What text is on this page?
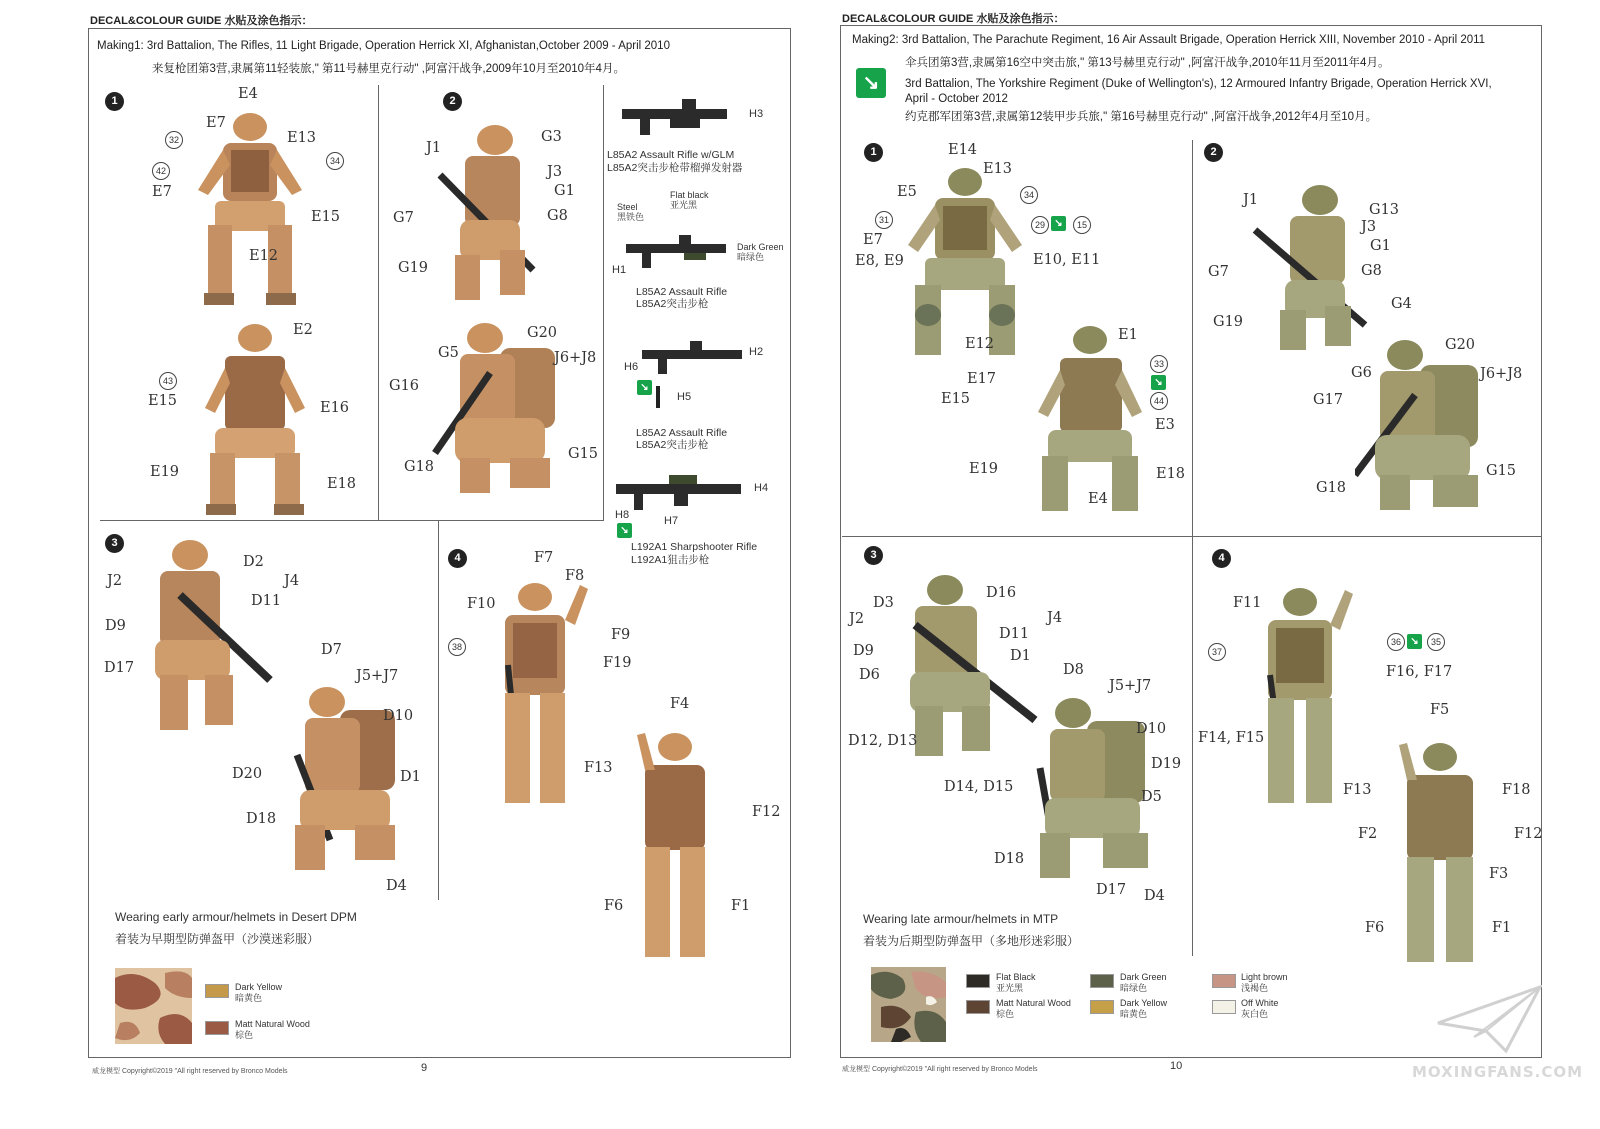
DECAL&COLOUR GUIDE 水贴及涂色指示：
Making1: 3rd Battalion, The Rifles, 11 Light Brigade, Operation Herrick XI, Afghanistan,October 2009 - April 2010
来复枪团第3营,隶属第11轻装旅," 第11号赫里克行动" ,阿富汗战争,2009年10月至2010年4月。
1	2
3
4
E4
E7
E13
E7
E15
E12
32
42
34
E2
E15	E16
E19
E18
43
J1
G3
J3
G1
G7	G8
G19
G5
G20
J6+J8
G16
G18
G15
H3
L85A2 Assault Rifle w/GLM
L85A2突击步枪带榴弹发射器
Steel
黑铁色
Flat black
亚光黑
Dark Green
暗绿色
H1
L85A2 Assault Rifle
L85A2突击步枪
H2
H6
↘
H5
L85A2 Assault Rifle
L85A2突击步枪
H4
H8
↘
H7
L192A1 Sharpshooter Rifle
L192A1狙击步枪
D2
J2	J4
D11
D9
D17
D7
J5+J7
D10
D20	D1
D18
D4
F7
F8
F10
F9
F19
38
F4
F13
F12
F6	F1
Wearing early armour/helmets in Desert DPM
着装为早期型防弹盔甲（沙漠迷彩服）
Dark Yellow
暗黄色
Matt Natural Wood
棕色
威龙模型 Copyright©2019 "All right reserved by Bronco Models	9
DECAL&COLOUR GUIDE 水贴及涂色指示：
Making2: 3rd Battalion, The Parachute Regiment, 16 Air Assault Brigade, Operation Herrick XIII, November 2010 - April 2011
伞兵团第3营,隶属第16空中突击旅," 第13号赫里克行动" ,阿富汗战争,2010年11月至2011年4月。
↘	3rd Battalion, The Yorkshire Regiment (Duke of Wellington's), 12 Armoured Infantry Brigade, Operation Herrick XVI,
April - October 2012
约克郡军团第3营,隶属第12装甲步兵旅," 第16号赫里克行动" ,阿富汗战争,2012年4月至10月。
1	2
3	4
E14
E13
E5	34
31	29 ↘	15
E7
E8, E9	E10, E11
E12
E1
33
↘
44
E17
E15
E3
E19	E18
E4
J1
G13
J3
G1
G7	G8
G19
G4
G20
G6	J6+J8
G17
G18
G15
D3
D16
J2	J4
D11
D9	D1
D6
D12, D13
D8
J5+J7
D10
D19
D14, D15
D5
D18
D17 D4
F11
37
36 ↘	35
F16, F17
F14, F15
F5
F13	F18
F2	F12
F3
F6	F1
Wearing late armour/helmets in MTP
着装为后期型防弹盔甲（多地形迷彩服）
Flat Black
亚光黑
Dark Green
暗绿色
Light brown
浅褐色
Matt Natural Wood
棕色
Dark Yellow
暗黄色
Off White
灰白色
威龙模型 Copyright©2019 "All right reserved by Bronco Models	10	MOXINGFANS.COM
